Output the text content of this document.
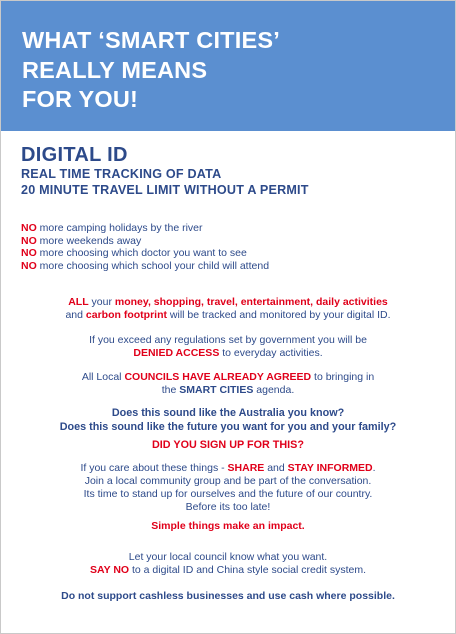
WHAT ‘SMART CITIES’
REALLY MEANS
FOR YOU!
DIGITAL ID

REAL TIME TRACKING OF DATA

20 MINUTE TRAVEL LIMIT WITHOUT A PERMIT

NO more camping holidays by the river
NO more weekends away
NO more choosing which doctor you want to see
NO more choosing which school your child will attend

ALL your money, shopping, travel, entertainment, daily activities
and carbon footprint will be tracked and monitored by your digital ID.

If you exceed any regulations set by government you will be
DENIED ACCESS to everyday activities.

All Local COUNCILS HAVE ALREADY AGREED to bringing in
the SMART CITIES agenda.

Does this sound like the Australia you know?
Does this sound like the future you want for you and your family?
DID YOU SIGN UP FOR THIS?

If you care about these things - SHARE and STAY INFORMED.
Join a local community group and be part of the conversation.
Its time to stand up for ourselves and the future of our country.
Before its too late!
Simple things make an impact.

Let your local council know what you want.
SAY NO to a digital ID and China style social credit system.

Do not support cashless businesses and use cash where possible.
